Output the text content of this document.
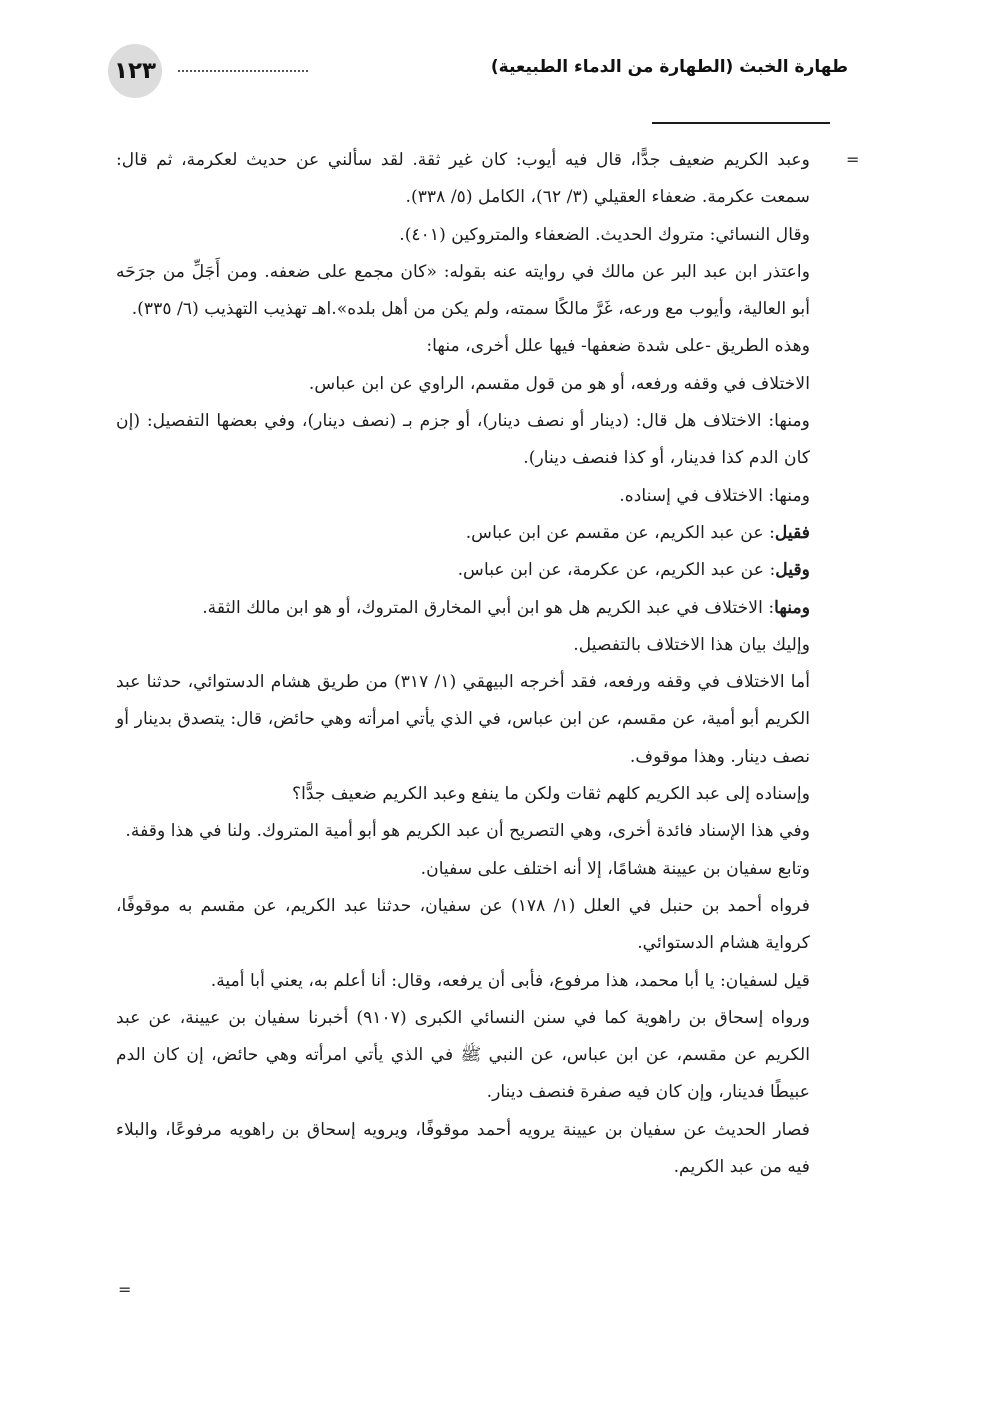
١٢٣	طهارة الخبث (الطهارة من الدماء الطبيعية)
=

وعبد الكريم ضعيف جدًّا، قال فيه أيوب: كان غير ثقة. لقد سألني عن حديث لعكرمة، ثم قال: سمعت عكرمة. ضعفاء العقيلي (٣/ ٦٢)، الكامل (٥/ ٣٣٨).

وقال النسائي: متروك الحديث. الضعفاء والمتروكين (٤٠١).

واعتذر ابن عبد البر عن مالك في روايته عنه بقوله: «كان مجمع على ضعفه. ومن أَجَلِّ من جرَحَه أبو العالية، وأيوب مع ورعه، غَرَّ مالكًا سمته، ولم يكن من أهل بلده».اهـ تهذيب التهذيب (٦/ ٣٣٥).

وهذه الطريق -على شدة ضعفها- فيها علل أخرى، منها:

الاختلاف في وقفه ورفعه، أو هو من قول مقسم، الراوي عن ابن عباس.

ومنها: الاختلاف هل قال: (دينار أو نصف دينار)، أو جزم بـ (نصف دينار)، وفي بعضها التفصيل: (إن كان الدم كذا فدينار، أو كذا فنصف دينار).

ومنها: الاختلاف في إسناده.

فقيل: عن عبد الكريم، عن مقسم عن ابن عباس.

وقيل: عن عبد الكريم، عن عكرمة، عن ابن عباس.

ومنها: الاختلاف في عبد الكريم هل هو ابن أبي المخارق المتروك، أو هو ابن مالك الثقة.

وإليك بيان هذا الاختلاف بالتفصيل.

أما الاختلاف في وقفه ورفعه، فقد أخرجه البيهقي (١/ ٣١٧) من طريق هشام الدستوائي، حدثنا عبد الكريم أبو أمية، عن مقسم، عن ابن عباس، في الذي يأتي امرأته وهي حائض، قال: يتصدق بدينار أو نصف دينار. وهذا موقوف.

وإسناده إلى عبد الكريم كلهم ثقات ولكن ما ينفع وعبد الكريم ضعيف جدًّا؟

وفي هذا الإسناد فائدة أخرى، وهي التصريح أن عبد الكريم هو أبو أمية المتروك. ولنا في هذا وقفة.

وتابع سفيان بن عيينة هشامًا، إلا أنه اختلف على سفيان.

فرواه أحمد بن حنبل في العلل (١/ ١٧٨) عن سفيان، حدثنا عبد الكريم، عن مقسم به موقوفًا، كرواية هشام الدستوائي.

قيل لسفيان: يا أبا محمد، هذا مرفوع، فأبى أن يرفعه، وقال: أنا أعلم به، يعني أبا أمية.

ورواه إسحاق بن راهوية كما في سنن النسائي الكبرى (٩١٠٧) أخبرنا سفيان بن عيينة، عن عبد الكريم عن مقسم، عن ابن عباس، عن النبي ﷺ في الذي يأتي امرأته وهي حائض، إن كان الدم عبيطًا فدينار، وإن كان فيه صفرة فنصف دينار.

فصار الحديث عن سفيان بن عيينة يرويه أحمد موقوفًا، ويرويه إسحاق بن راهويه مرفوعًا، والبلاء فيه من عبد الكريم.

=
